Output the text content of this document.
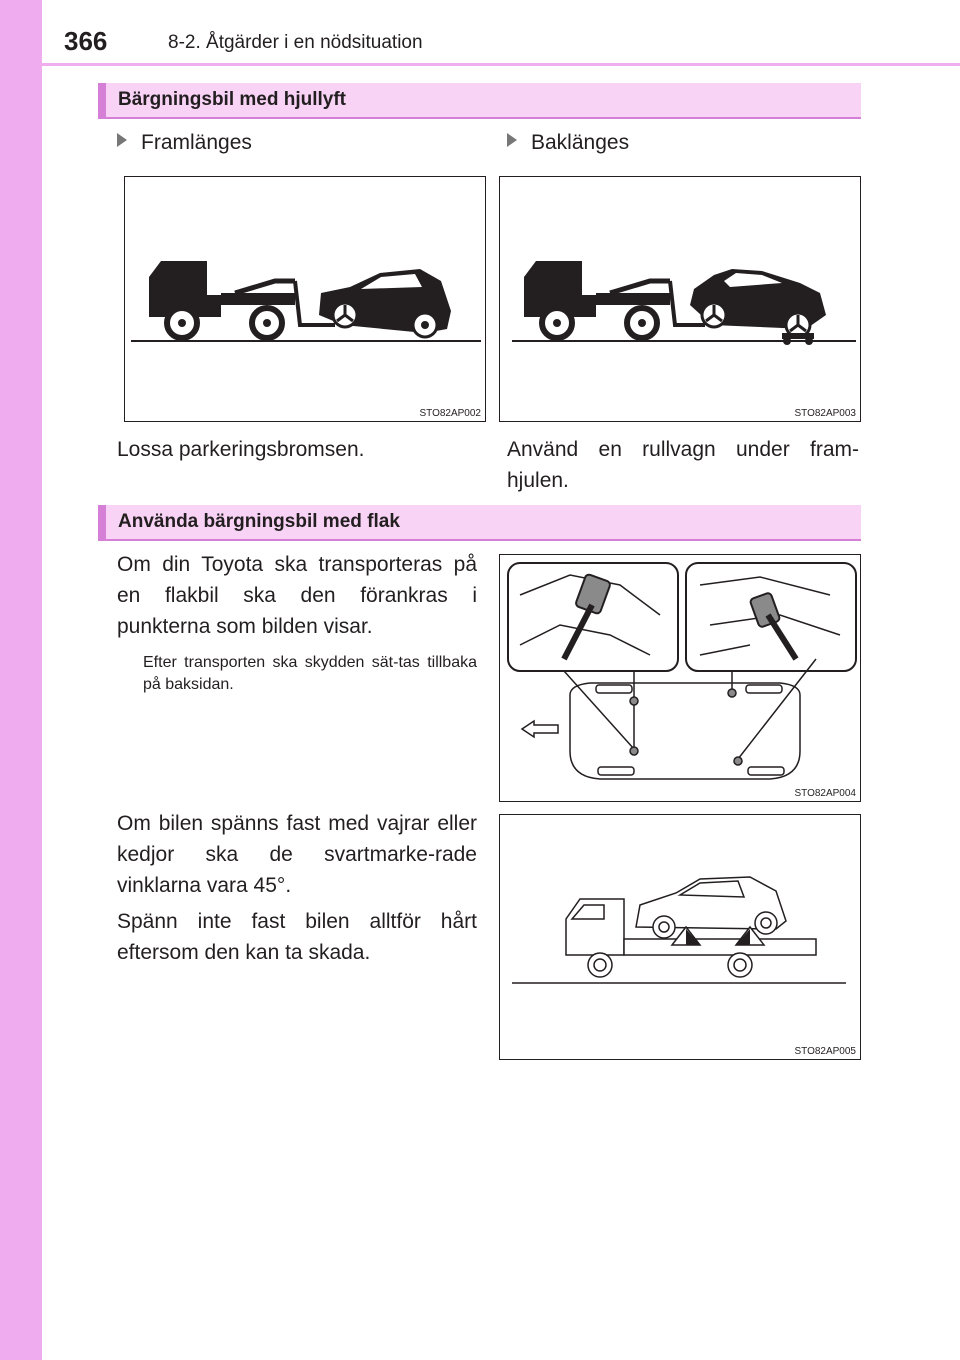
366	8-2. Åtgärder i en nödsituation
Bärgningsbil med hjullyft
Framlänges	Baklänges
STO82AP002	STO82AP003
Lossa parkeringsbromsen.	Använd en rullvagn under fram-
hjulen.
Använda bärgningsbil med flak
Om din Toyota ska transporteras på en flakbil ska den förankras i punkterna som bilden visar.
Efter transporten ska skydden sät-tas tillbaka på baksidan.
Om bilen spänns fast med vajrar eller kedjor ska de svartmarke-rade vinklarna vara 45°.
Spänn inte fast bilen alltför hårt eftersom den kan ta skada.
STO82AP004
STO82AP005
